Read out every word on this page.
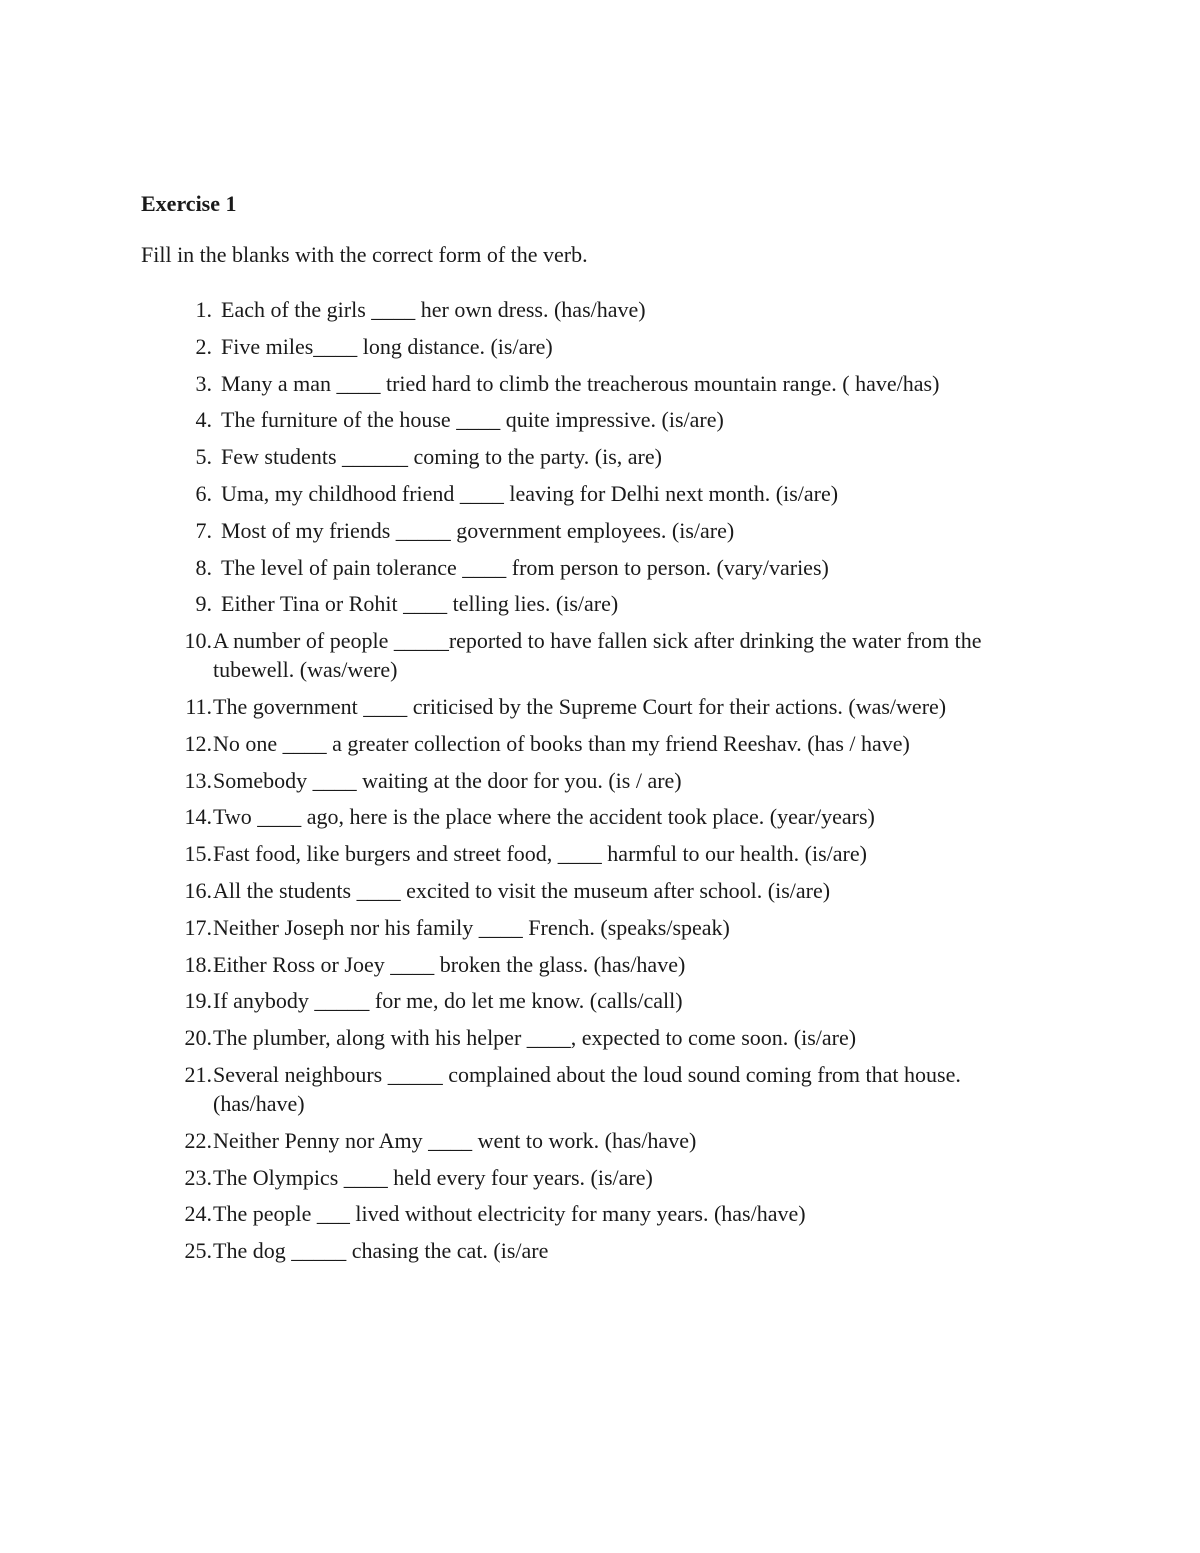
Exercise 1

Fill in the blanks with the correct form of the verb.

1. Each of the girls ____ her own dress. (has/have)
2. Five miles____ long distance. (is/are)
3. Many a man ____ tried hard to climb the treacherous mountain range. ( have/has)
4. The furniture of the house ____ quite impressive. (is/are)
5. Few students ______ coming to the party. (is, are)
6. Uma, my childhood friend ____ leaving for Delhi next month. (is/are)
7. Most of my friends _____ government employees. (is/are)
8. The level of pain tolerance ____ from person to person. (vary/varies)
9. Either Tina or Rohit ____ telling lies. (is/are)
10. A number of people _____reported to have fallen sick after drinking the water from the tubewell. (was/were)
11. The government ____ criticised by the Supreme Court for their actions. (was/were)
12. No one ____ a greater collection of books than my friend Reeshav. (has / have)
13. Somebody ____ waiting at the door for you. (is / are)
14. Two ____ ago, here is the place where the accident took place. (year/years)
15. Fast food, like burgers and street food, ____ harmful to our health. (is/are)
16. All the students ____ excited to visit the museum after school. (is/are)
17. Neither Joseph nor his family ____ French. (speaks/speak)
18. Either Ross or Joey ____ broken the glass. (has/have)
19. If anybody _____ for me, do let me know. (calls/call)
20. The plumber, along with his helper ____, expected to come soon. (is/are)
21. Several neighbours _____ complained about the loud sound coming from that house. (has/have)
22. Neither Penny nor Amy ____ went to work. (has/have)
23. The Olympics ____ held every four years. (is/are)
24. The people ___ lived without electricity for many years. (has/have)
25. The dog _____ chasing the cat. (is/are
